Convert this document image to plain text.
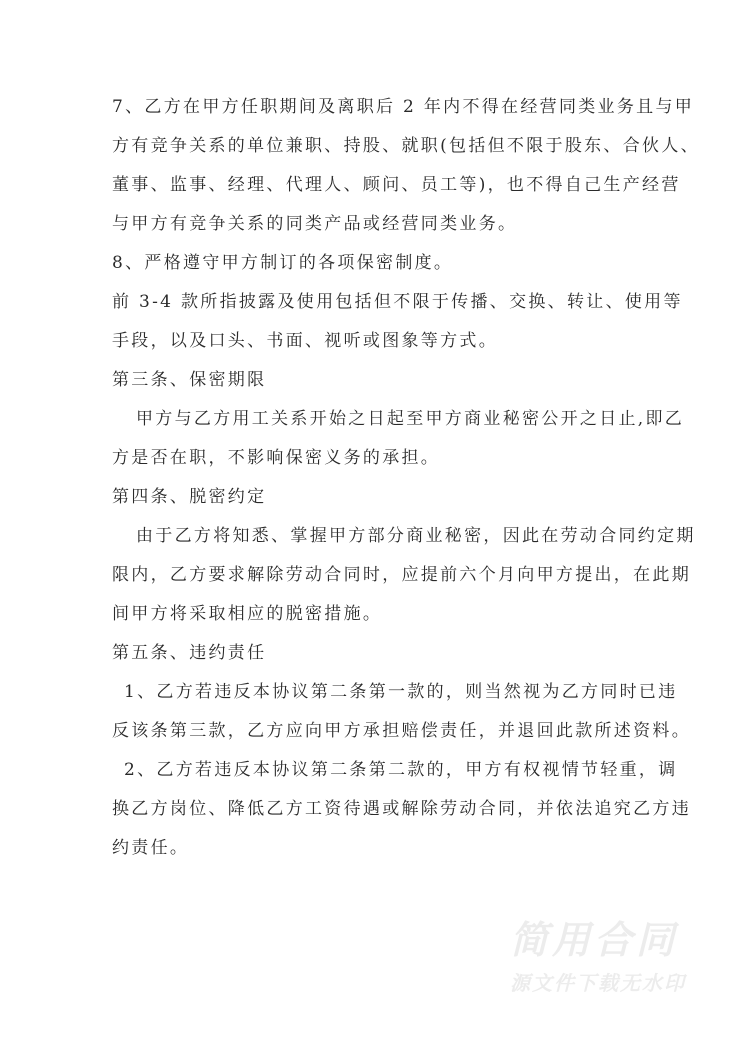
7、乙方在甲方任职期间及离职后 2 年内不得在经营同类业务且与甲
方有竞争关系的单位兼职、持股、就职(包括但不限于股东、合伙人、
董事、监事、经理、代理人、顾问、员工等)，也不得自己生产经营
与甲方有竞争关系的同类产品或经营同类业务。
8、严格遵守甲方制订的各项保密制度。
前 3-4 款所指披露及使用包括但不限于传播、交换、转让、使用等
手段，以及口头、书面、视听或图象等方式。
第三条、保密期限
甲方与乙方用工关系开始之日起至甲方商业秘密公开之日止,即乙
方是否在职，不影响保密义务的承担。
第四条、脱密约定
由于乙方将知悉、掌握甲方部分商业秘密，因此在劳动合同约定期
限内，乙方要求解除劳动合同时，应提前六个月向甲方提出，在此期
间甲方将采取相应的脱密措施。
第五条、违约责任
1、乙方若违反本协议第二条第一款的，则当然视为乙方同时已违
反该条第三款，乙方应向甲方承担赔偿责任，并退回此款所述资料。
2、乙方若违反本协议第二条第二款的，甲方有权视情节轻重，调
换乙方岗位、降低乙方工资待遇或解除劳动合同，并依法追究乙方违
约责任。
简用合同
源文件下载无水印
